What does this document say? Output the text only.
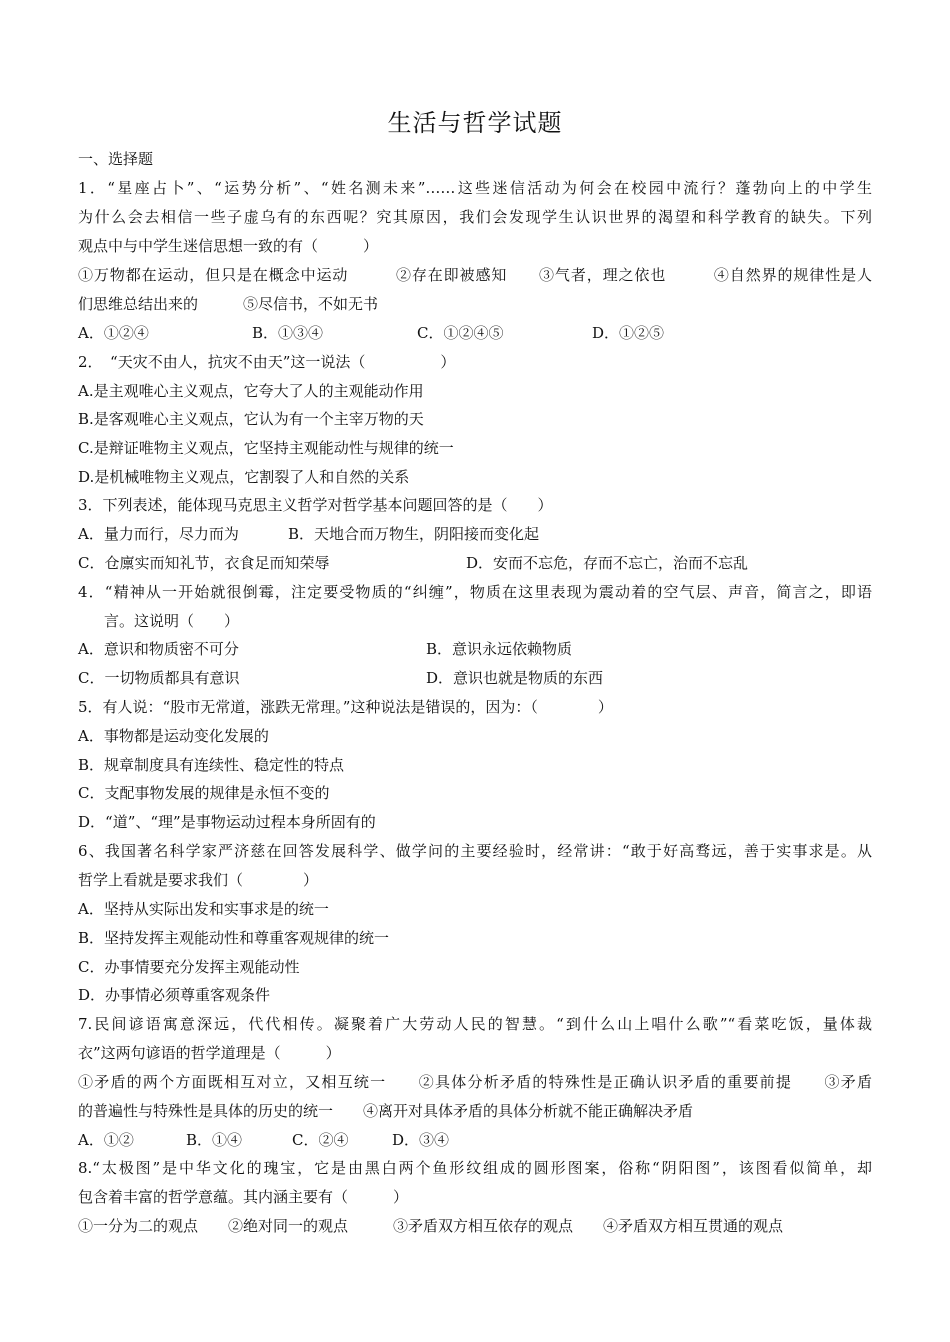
生活与哲学试题
一、选择题
1．“星座占卜”、“运势分析”、“姓名测未来”……这些迷信活动为何会在校园中流行？蓬勃向上的中学生
为什么会去相信一些子虚乌有的东西呢？究其原因，我们会发现学生认识世界的渴望和科学教育的缺失。下列
观点中与中学生迷信思想一致的有（　　　）
①万物都在运动，但只是在概念中运动　　　②存在即被感知　　③气者，理之依也　　　④自然界的规律性是人
们思维总结出来的　　　⑤尽信书，不如无书
A．①②④	B．①③④	C．①②④⑤	D．①②⑤
2．　“天灾不由人，抗灾不由天”这一说法（　　　　　）
A.是主观唯心主义观点，它夸大了人的主观能动作用
B.是客观唯心主义观点，它认为有一个主宰万物的天
C.是辩证唯物主义观点，它坚持主观能动性与规律的统一
D.是机械唯物主义观点，它割裂了人和自然的关系
3．下列表述，能体现马克思主义哲学对哲学基本问题回答的是（　　）
A．量力而行，尽力而为	B．天地合而万物生，阴阳接而变化起
C．仓廪实而知礼节，衣食足而知荣辱	D．安而不忘危，存而不忘亡，治而不忘乱
4．“精神从一开始就很倒霉，注定要受物质的“纠缠”，物质在这里表现为震动着的空气层、声音，简言之，即语
言。这说明（　　）
A．意识和物质密不可分	B．意识永远依赖物质
C．一切物质都具有意识	D．意识也就是物质的东西
5．有人说：“股市无常道，涨跌无常理。”这种说法是错误的，因为：（　　　　）
A．事物都是运动变化发展的
B．规章制度具有连续性、稳定性的特点
C．支配事物发展的规律是永恒不变的
D．“道”、“理”是事物运动过程本身所固有的
6、我国著名科学家严济慈在回答发展科学、做学问的主要经验时，经常讲：“敢于好高骛远，善于实事求是。从
哲学上看就是要求我们（　　　　）
A．坚持从实际出发和实事求是的统一
B．坚持发挥主观能动性和尊重客观规律的统一
C．办事情要充分发挥主观能动性
D．办事情必须尊重客观条件
7.民间谚语寓意深远，代代相传。凝聚着广大劳动人民的智慧。“到什么山上唱什么歌”“看菜吃饭，量体裁
衣”这两句谚语的哲学道理是（　　　）
①矛盾的两个方面既相互对立，又相互统一　　②具体分析矛盾的特殊性是正确认识矛盾的重要前提　　③矛盾
的普遍性与特殊性是具体的历史的统一　　④离开对具体矛盾的具体分析就不能正确解决矛盾
A．①②	B．①④	C．②④	D．③④
8.“太极图”是中华文化的瑰宝，它是由黑白两个鱼形纹组成的圆形图案，俗称“阴阳图”，该图看似简单，却
包含着丰富的哲学意蕴。其内涵主要有（　　　）
①一分为二的观点　　②绝对同一的观点　　　③矛盾双方相互依存的观点　　④矛盾双方相互贯通的观点
